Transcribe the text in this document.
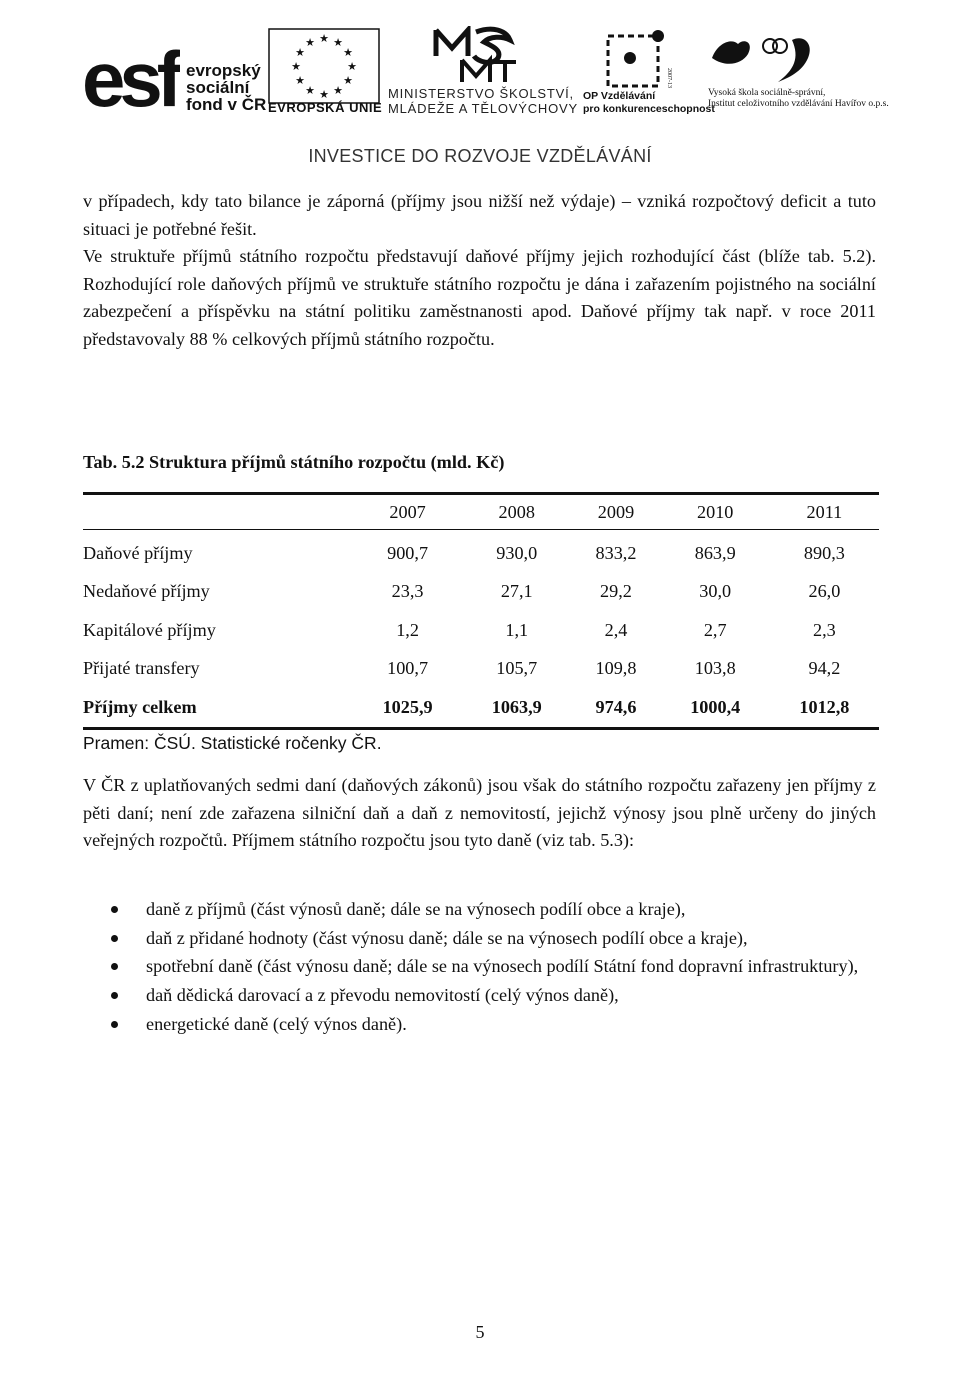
esf evropský
sociální
fond v ČR
★ ★
★
★
★
★
★
★
★
★
★
★
EVROPSKÁ UNIE
MINISTERSTVO ŠKOLSTVÍ,
MLÁDEŽE A TĚLOVÝCHOVY
2007-13
OP Vzdělávání
pro konkurenceschopnost
Vysoká škola sociálně-správní,
Institut celoživotního vzdělávání Havířov o.p.s.
INVESTICE DO ROZVOJE VZDĚLÁVÁNÍ

v případech, kdy tato bilance je záporná (příjmy jsou nižší než výdaje) – vzniká rozpočtový deficit a tuto situaci je potřebné řešit.

Ve struktuře příjmů státního rozpočtu představují daňové příjmy jejich rozhodující část (blíže tab. 5.2). Rozhodující role daňových příjmů ve struktuře státního rozpočtu je dána i zařazením pojistného na sociální zabezpečení a příspěvku na státní politiku zaměstnanosti apod. Daňové příjmy tak např. v roce 2011 představovaly 88 % celkových příjmů státního rozpočtu.

Tab. 5.2 Struktura příjmů státního rozpočtu (mld. Kč)
	2007	2008	2009	2010	2011
Daňové příjmy	900,7	930,0	833,2	863,9	890,3
Nedaňové příjmy	23,3	27,1	29,2	30,0	26,0
Kapitálové příjmy	1,2	1,1	2,4	2,7	2,3
Přijaté transfery	100,7	105,7	109,8	103,8	94,2
Příjmy celkem	1025,9	1063,9	974,6	1000,4	1012,8
Pramen: ČSÚ. Statistické ročenky ČR.

V ČR z uplatňovaných sedmi daní (daňových zákonů) jsou však do státního rozpočtu zařazeny jen příjmy z pěti daní; není zde zařazena silniční daň a daň z nemovitostí, jejichž výnosy jsou plně určeny do jiných veřejných rozpočtů. Příjmem státního rozpočtu jsou tyto daně (viz tab. 5.3):

daně z příjmů (část výnosů daně; dále se na výnosech podílí obce a kraje),
daň z přidané hodnoty (část výnosu daně; dále se na výnosech podílí obce a kraje),
spotřební daně (část výnosu daně; dále se na výnosech podílí Státní fond dopravní infrastruktury),
daň dědická darovací a z převodu nemovitostí (celý výnos daně),
energetické daně (celý výnos daně).
5
